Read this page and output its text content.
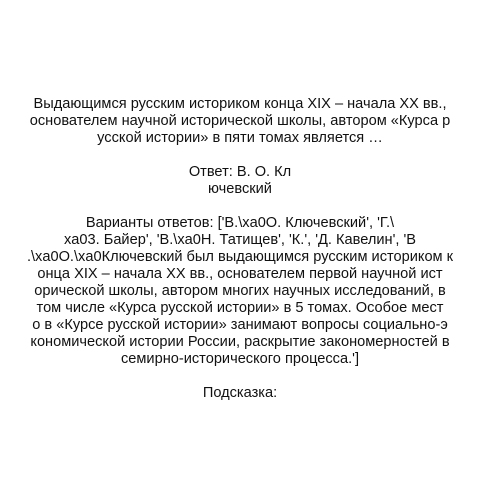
Выдающимся русским историком конца XIX – начала XX вв.,
основателем научной исторической школы, автором «Курса р
усской истории» в пяти томах является …
Ответ: В. О. Кл
ючевский
Варианты ответов: ['В.\xa0О. Ключевский', 'Г.\
xa03. Байер', 'В.\xa0Н. Татищев', 'К.', 'Д. Кавелин', 'В
.\xa0О.\xa0Ключевский был выдающимся русским историком к
онца XIX – начала XX вв., основателем первой научной ист
орической школы, автором многих научных исследований, в
том числе «Курса русской истории» в 5 томах. Особое мест
о в «Курсе русской истории» занимают вопросы социально-э
кономической истории России, раскрытие закономерностей в
семирно-исторического процесса.']
Подсказка:
